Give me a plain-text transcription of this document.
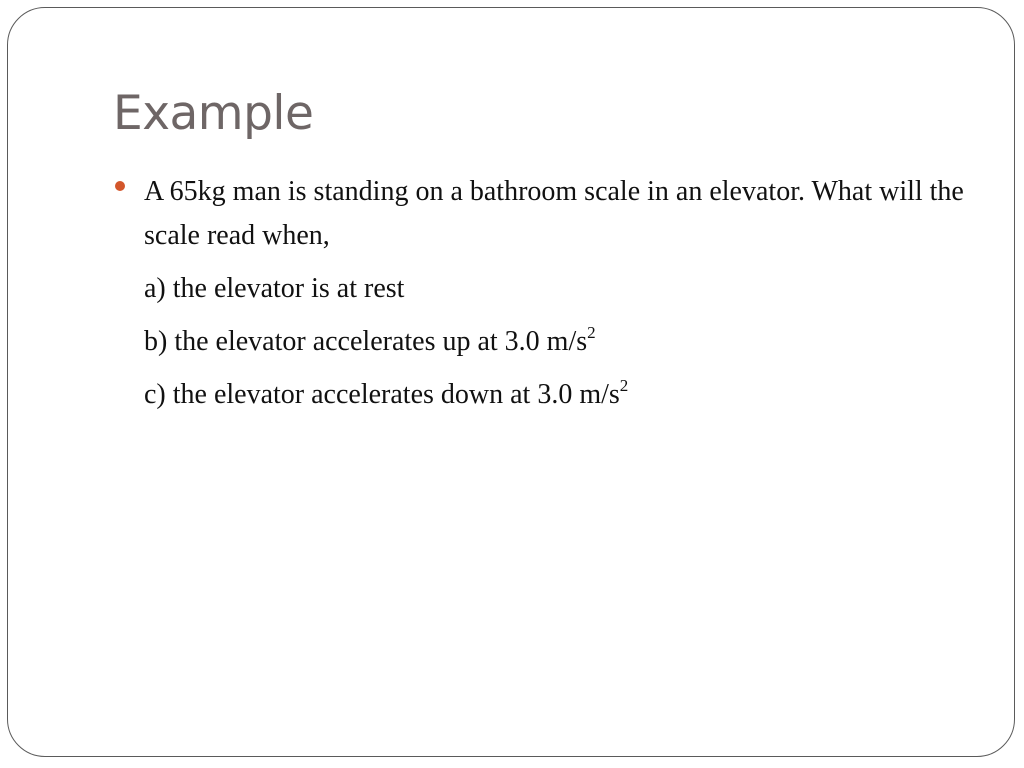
Example

A 65kg man is standing on a bathroom scale in an elevator. What will the scale read when,

a) the elevator is at rest

b) the elevator accelerates up at 3.0 $m/s^2$

c) the elevator accelerates down at 3.0 $m/s^2$
